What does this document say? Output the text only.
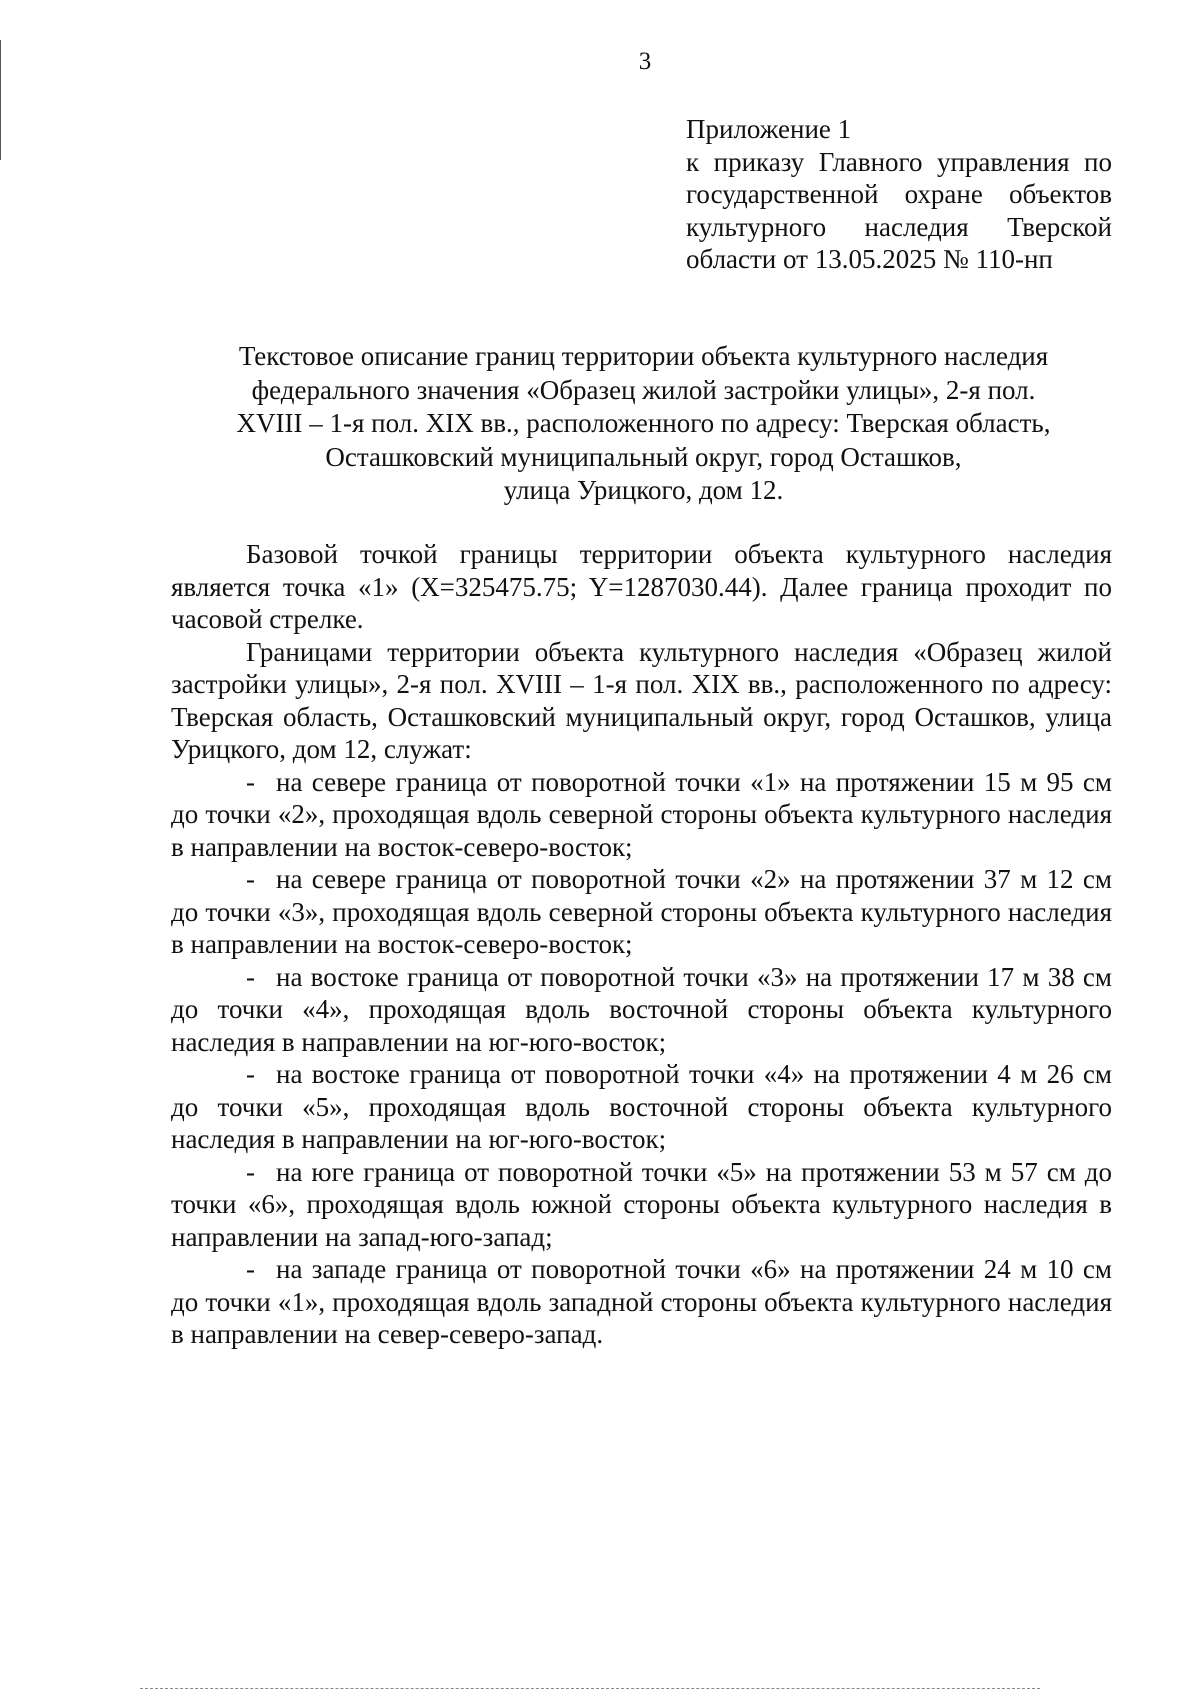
3
Приложение 1
к приказу Главного управления по государственной охране объектов культурного наследия Тверской области от 13.05.2025 № 110-нп
Текстовое описание границ территории объекта культурного наследия
федерального значения «Образец жилой застройки улицы», 2-я пол.
XVIII – 1-я пол. XIX вв., расположенного по адресу: Тверская область,
Осташковский муниципальный округ, город Осташков,
улица Урицкого, дом 12.

Базовой точкой границы территории объекта культурного наследия является точка «1» (X=325475.75; Y=1287030.44). Далее граница проходит по часовой стрелке.

Границами территории объекта культурного наследия «Образец жилой застройки улицы», 2-я пол. XVIII – 1-я пол. XIX вв., расположенного по адресу: Тверская область, Осташковский муниципальный округ, город Осташков, улица Урицкого, дом 12, служат:

- на севере граница от поворотной точки «1» на протяжении 15 м 95 см до точки «2», проходящая вдоль северной стороны объекта культурного наследия в направлении на восток-северо-восток;

- на севере граница от поворотной точки «2» на протяжении 37 м 12 см до точки «3», проходящая вдоль северной стороны объекта культурного наследия в направлении на восток-северо-восток;

- на востоке граница от поворотной точки «3» на протяжении 17 м 38 см до точки «4», проходящая вдоль восточной стороны объекта культурного наследия в направлении на юг-юго-восток;

- на востоке граница от поворотной точки «4» на протяжении 4 м 26 см до точки «5», проходящая вдоль восточной стороны объекта культурного наследия в направлении на юг-юго-восток;

- на юге граница от поворотной точки «5» на протяжении 53 м 57 см до точки «6», проходящая вдоль южной стороны объекта культурного наследия в направлении на запад-юго-запад;

- на западе граница от поворотной точки «6» на протяжении 24 м 10 см до точки «1», проходящая вдоль западной стороны объекта культурного наследия в направлении на север-северо-запад.
